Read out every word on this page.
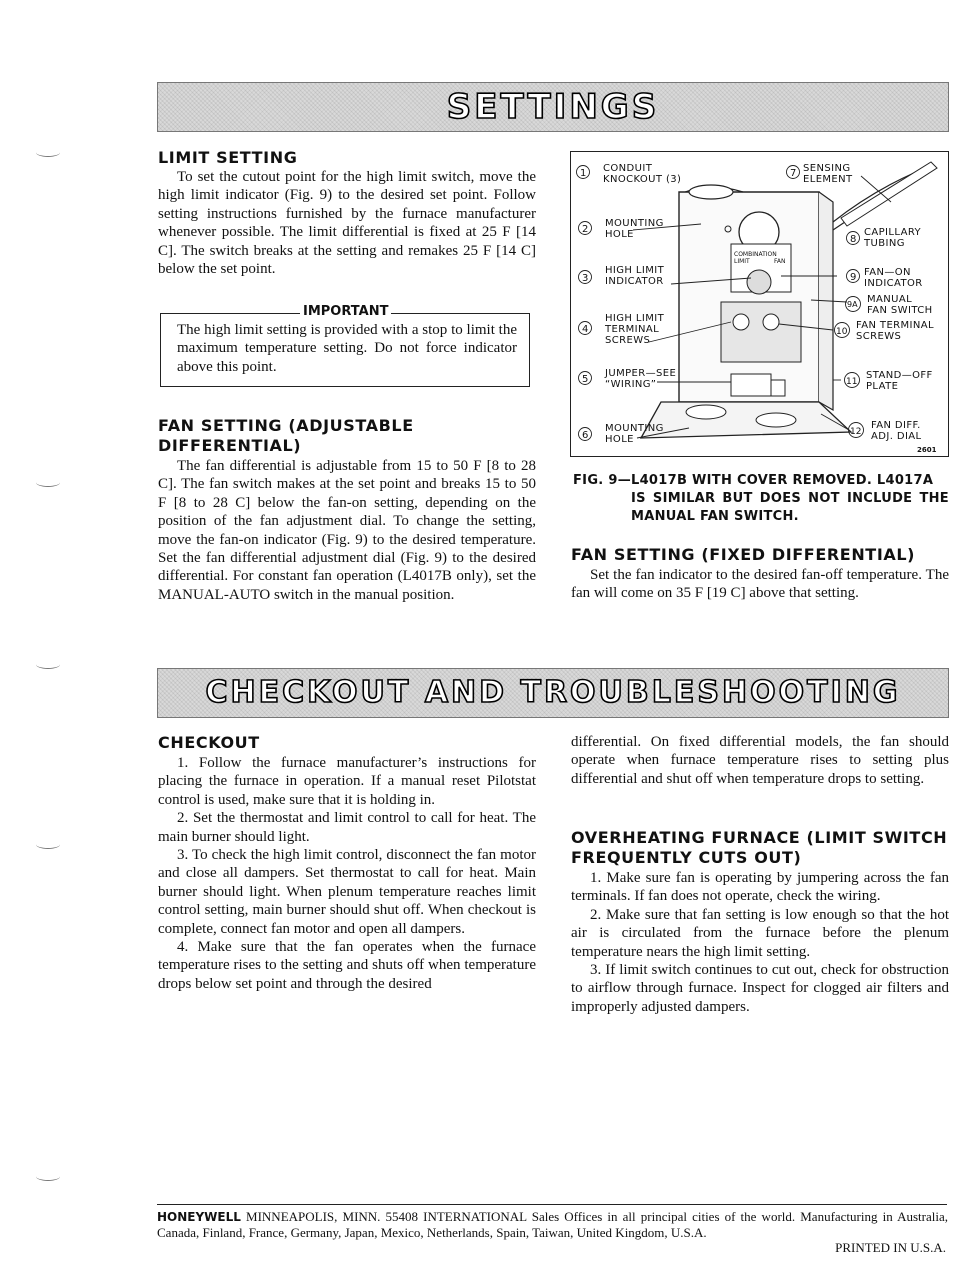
SETTINGS
LIMIT SETTING

To set the cutout point for the high limit switch, move the high limit indicator (Fig. 9) to the desired set point. Follow setting instructions furnished by the furnace manufacturer whenever possible. The limit differential is fixed at 25 F [14 C]. The switch breaks at the setting and remakes 25 F [14 C] below the set point.

IMPORTANT
The high limit setting is provided with a stop to limit the maximum temperature setting. Do not force indicator above this point.
FAN SETTING (ADJUSTABLE
DIFFERENTIAL)

The fan differential is adjustable from 15 to 50 F [8 to 28 C]. The fan switch makes at the set point and breaks 15 to 50 F [8 to 28 C] below the fan-on setting, depending on the position of the fan adjustment dial. To change the setting, move the fan-on indicator (Fig. 9) to the desired temperature. Set the fan differential adjustment dial (Fig. 9) to the desired differential. For constant fan operation (L4017B only), set the MANUAL-AUTO switch in the manual position.

COMBINATION
LIMIT	FAN
1 CONDUIT
KNOCKOUT (3)
2
MOUNTING
HOLE
3
HIGH LIMIT
INDICATOR
4
HIGH LIMIT
TERMINAL
SCREWS
5
JUMPER—SEE
“WIRING”
6
MOUNTING
HOLE
7 SENSING
ELEMENT
8
CAPILLARY
TUBING
9 FAN—ON
INDICATOR
9A MANUAL
FAN SWITCH
10
FAN TERMINAL
SCREWS
11
STAND—OFF
PLATE
12
FAN DIFF.
ADJ. DIAL
2601
FIG. 9—L4017B WITH COVER REMOVED. L4017A
IS SIMILAR BUT DOES NOT INCLUDE THE MANUAL FAN SWITCH.
FAN SETTING (FIXED DIFFERENTIAL)

Set the fan indicator to the desired fan-off temperature. The fan will come on 35 F [19 C] above that setting.

CHECKOUT AND TROUBLESHOOTING
CHECKOUT

1. Follow the furnace manufacturer’s instructions for placing the furnace in operation. If a manual reset Pilotstat control is used, make sure that it is holding in.

2. Set the thermostat and limit control to call for heat. The main burner should light.

3. To check the high limit control, disconnect the fan motor and close all dampers. Set thermostat to call for heat. Main burner should light. When plenum temperature reaches limit control setting, main burner should shut off. When checkout is complete, connect fan motor and open all dampers.

4. Make sure that the fan operates when the furnace temperature rises to the setting and shuts off when temperature drops below set point and through the desired

differential. On fixed differential models, the fan should operate when furnace temperature rises to setting plus differential and shut off when temperature drops to setting.

OVERHEATING FURNACE (LIMIT SWITCH
FREQUENTLY CUTS OUT)

1. Make sure fan is operating by jumpering across the fan terminals. If fan does not operate, check the wiring.

2. Make sure that fan setting is low enough so that the hot air is circulated from the furnace before the plenum temperature nears the high limit setting.

3. If limit switch continues to cut out, check for obstruction to airflow through furnace. Inspect for clogged air filters and improperly adjusted dampers.

HONEYWELL MINNEAPOLIS, MINN. 55408 INTERNATIONAL Sales Offices in all principal cities of the world. Manufacturing in Australia, Canada, Finland, France, Germany, Japan, Mexico, Netherlands, Spain, Taiwan, United Kingdom, U.S.A.
PRINTED IN U.S.A.
